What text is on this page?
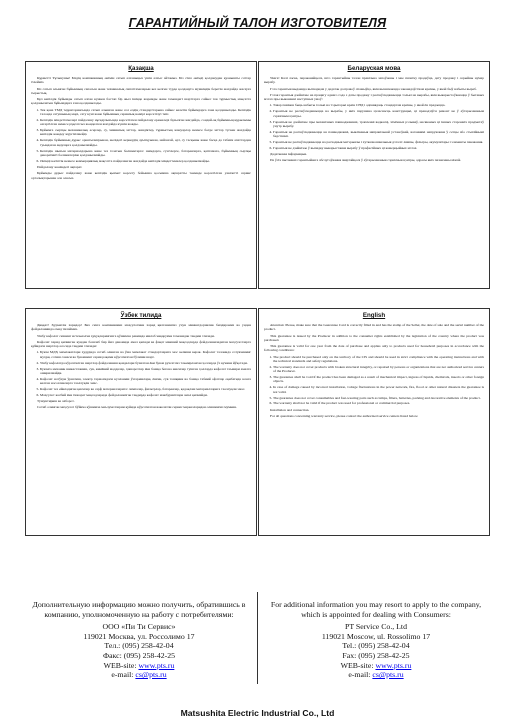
ГАРАНТИЙНЫЙ ТАЛОН ИЗГОТОВИТЕЛЯ
Қазақша

Құрметті Тұтынушы! Біздің компанияның өнімін сатып алғаныңыз үшін алғыс айтамыз. Біз сізге өнімді қолданудан қуанышты сәттер тілейміз.

Біз сатып алынған бұйымның сапасын және техникалық сипаттамаларын кез келген түрде қолдануға мүмкіндік беретін жағдайда жасауға тырыстық.

Бұл кепілдік бұйымды сатып алған күннен бастап бір жыл ішінде жарамды және төмендегі шарттарға сәйкес тек тұрмыстық мақсатта қолданылатын бұйымдарға ғана қолданылады.

1. Тек қана ТМД территориясында сатып алынған және сол елдің стандарттарына сәйкес келетін бұйымдарға ғана қолданылады. Кепілдік талонда сатушының мөрі, сату күні және бұйымның сериялық нөмірі көрсетілуі тиіс.
2. Кепілдік міндеттемелері пайдалану нұсқаулығында көрсетілген пайдалану ережелері бұзылған жағдайда, сондай-ақ бұйымның құрылымы өзгертілген немесе рұқсатсыз жөнделген жағдайда күшін жояды.
3. Бұйымға сыртқы механикалық әсерлер, су, химиялық заттар, жәндіктер, тұрмыстық жануарлар немесе бөгде заттар түскен жағдайда кепілдік жөндеу жүргізілмейді.
4. Кепілдік бұйымның дұрыс орнатылмауынан, желідегі кернеудің ауытқуынан, найзағай, өрт, су тасқыны және басқа да табиғи апаттардан туындаған ақауларға қолданылмайды.
5. Кепілдік шығын материалдарына және тез тозатын бөлшектерге: шамдарға, сүзгілерге, батареяларға, қаптамаға, бұйымның сыртқы декоративті бөлшектеріне қолданылмайды.
6. Өнімді кәсіптік немесе коммерциялық мақсатта пайдаланған жағдайда кепілдік міндеттемелер қолданылмайды.

Пайдалану жөніндегі ақпарат.

Бұйымды дұрыс пайдалану және кепілдік қызмет көрсету бойынша қосымша ақпаратты төменде көрсетілген уәкілетті сервис орталықтарынан ала аласыз.

Беларуская мова

Увага! Калі ласка, пераканайцеся, што гарантыйны талон правільна запоўнены і мае пячатку прадаўца, дату продажу і серыйны нумар вырабу.

Гэта гарантыя выдаецца вытворцам у дадатак да правоў спажыўца, якія вызначаюцца заканадаўствам краіны, у якой быў набыты выраб.

Гэтая гарантыя дзейнічае на працягу аднаго года з даты продажу і распаўсюджваецца толькі на вырабы, якія выкарыстоўваюцца ў бытавых мэтах пры выкананні наступных умоў:

1. Тавар павінен быць набыты толькі на тэрыторыі краін СНД і адпавядаць стандартам краіны, у якой ён прадаецца.
2. Гарантыя не распаўсюджваецца на вырабы, у якіх парушана цэласнасць канструкцыі, ці праводзіўся рамонт не ў аўтарызаваным сэрвісным цэнтры.
3. Гарантыя не дзейнічае пры механічных пашкоджаннях, трапленні вадкасці, хімічных рэчываў, насякомых ці іншых старонніх прадметаў унутр вырабу.
4. Гарантыя не распаўсюджваецца на пашкоджанні, выкліканыя няправільнай устаноўкай, ваганнямі напружання ў сетцы або стыхійнымі бедствамі.
5. Гарантыя не распаўсюджваецца на расходныя матэрыялы і хутказношвальныя дэталі: лямпы, фільтры, акумулятары і элементы пакавання.
6. Гарантыя не дзейнічае ў выпадку выкарыстання вырабу ў прафесійных ці камерцыйных мэтах.

Дадатковая інфармацыя.

Па ўсіх пытаннях гарантыйнага абслугоўвання звяртайцеся ў аўтарызаваныя сэрвісныя цэнтры, адрасы якіх пазначаны ніжэй.

Ўзбек тилида

Диққат! Ҳурматли харидор! Биз сизга компаниямиз маҳсулотини харид қилганингиз учун миннатдорчилик билдирамиз ва ундан фойдаланишда омад тилаймиз.

Ушбу кафолат сизнинг истеъмолчи ҳуқуқларингизга қўшимча равишда ишлаб чиқарувчи томонидан такдим этилади.

Кафолат харид қилинган кундан бошлаб бир йил давомида амал қилади ва фақат маиший мақсадларда фойдаланиладиган маҳсулотларга қуйидаги шартлар асосида тақдим этилади:

1. Буюм МДҲ мамлакатлари ҳудудида сотиб олинган ва ўша мамлакат стандартларига мос келиши керак. Кафолат талонида сотувчининг муҳри, сотиш санаси ва буюмнинг серия рақами кўрсатилган бўлиши шарт.
2. Ушбу кафолатда кўрсатилган шартлар фойдаланиш қоидалари бузилган ёки буюм рухсатсиз таъмирланган ҳолларда ўз кучини йўқотади.
3. Буюмга механик шикастланиш, сув, кимёвий моддалар, ҳашаротлар ёки бошқа бегона жисмлар тушган ҳолларда кафолат таъмири амалга оширилмайди.
4. Кафолат нотўғри ўрнатиш, электр тармоғидаги кучланиш ўзгаришлари, ёнғин, сув тошқини ва бошқа табиий офатлар оқибатида юзага келган носозликларга тааллуқли эмас.
5. Кафолат тез ейиладиган қисмлар ва сарф материалларига: лампалар, фильтрлар, батареялар, қадоқлаш материалларига тааллуқли эмас.
6. Маҳсулот касбий ёки тижорат мақсадларида фойдаланилган тақдирда кафолат мажбуриятлари амал қилмайди.

Тушунтириш ва ахборот.

Сотиб олинган маҳсулот бўйича қўшимча маълумотларни қуйида кўрсатилган ваколатли сервис марказларидан олишингиз мумкин.

English

Attention: Please, make sure that the Guarantee Card is correctly filled in and has the stamp of the Seller, the date of sale and the serial number of the product.

This guarantee is issued by the Producer in addition to the consumer rights established by the legislation of the country where the product was purchased.

This guarantee is valid for one year from the date of purchase and applies only to products used for household purposes in accordance with the following conditions:

1. The product should be purchased only on the territory of the CIS and should be used in strict compliance with the operating instructions and with the technical standards and safety regulations.
2. The warranty does not cover products with broken structural integrity, or repaired by persons or organizations that are not authorized service centers of the Producer.
3. The guarantee shall be void if the product has been damaged as a result of mechanical impact, ingress of liquids, chemicals, insects or other foreign objects.
4. In case of damage caused by incorrect installation, voltage fluctuations in the power network, fire, flood or other natural disasters the guarantee is not valid.
5. The guarantee does not cover consumables and fast-wearing parts such as lamps, filters, batteries, packing and decorative elements of the product.
6. The warranty shall not be valid if the product was used for professional or commercial purposes.

Installation and connection.

For all questions concerning warranty service, please contact the authorized service centers listed below.

Дополнительную информацию можно получить, обратившись в компанию, уполномоченную на работу с потребителями:
ООО «Пи Ти Сервис»
119021 Москва, ул. Россолимо 17
Тел.: (095) 258-42-04
Факс: (095) 258-42-25
WEB-site: www.pts.ru
e-mail: cs@pts.ru
For additional information you may resort to apply to the company, which is appointed for dealing with Consumers:
PT Service Co., Ltd
119021 Moscow, ul. Rossolimo 17
Tel.: (095) 258-42-04
Fax: (095) 258-42-25
WEB-site: www.pts.ru
e-mail: cs@pts.ru
Matsushita Electric Industrial Co., Ltd
